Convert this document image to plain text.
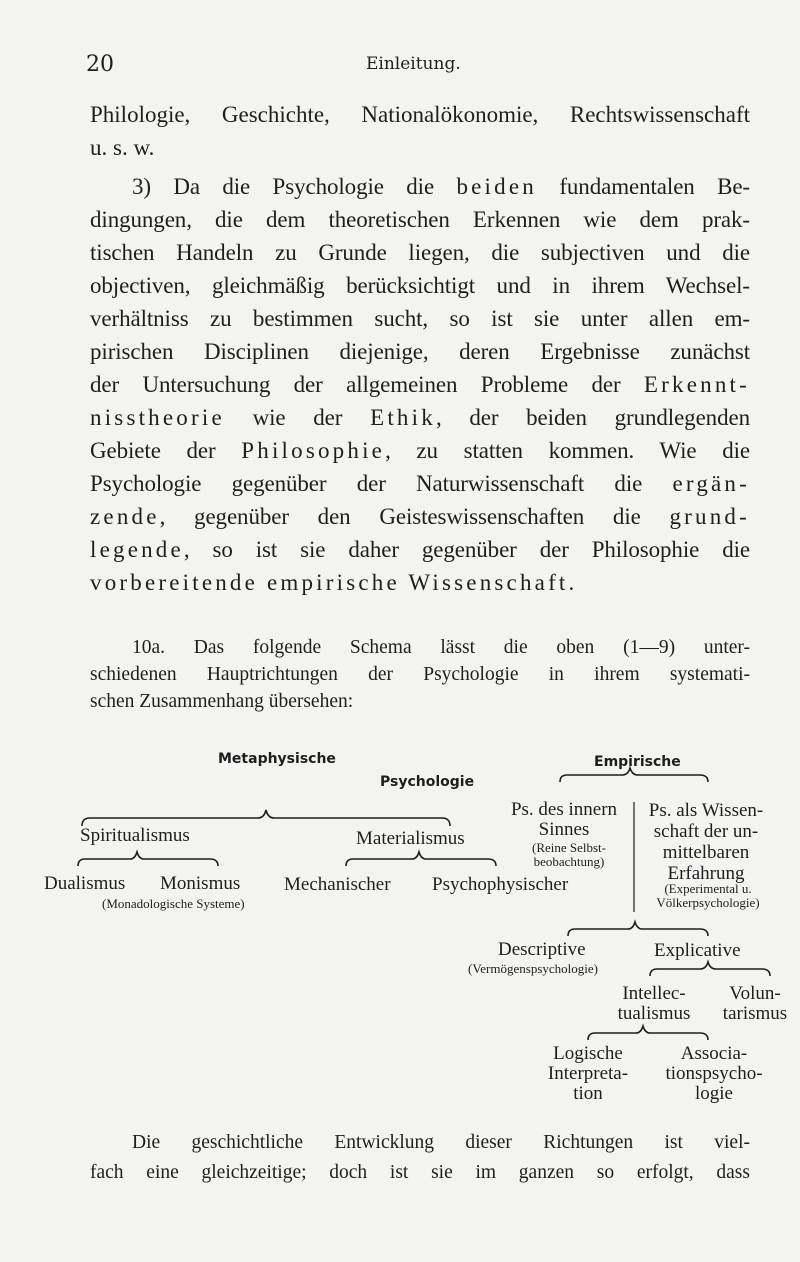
20	Einleitung.
Philologie, Geschichte, Nationalökonomie, Rechtswissenschaft
u. s. w.
3) Da die Psychologie die beiden fundamentalen Be-
dingungen, die dem theoretischen Erkennen wie dem prak-
tischen Handeln zu Grunde liegen, die subjectiven und die
objectiven, gleichmäßig berücksichtigt und in ihrem Wechsel-
verhältniss zu bestimmen sucht, so ist sie unter allen em-
pirischen Disciplinen diejenige, deren Ergebnisse zunächst
der Untersuchung der allgemeinen Probleme der Erkennt-
nisstheorie wie der Ethik, der beiden grundlegenden
Gebiete der Philosophie, zu statten kommen. Wie die
Psychologie gegenüber der Naturwissenschaft die ergän-
zende, gegenüber den Geisteswissenschaften die grund-
legende, so ist sie daher gegenüber der Philosophie die
vorbereitende empirische Wissenschaft.
10a. Das folgende Schema lässt die oben (1—9) unter-
schiedenen Hauptrichtungen der Psychologie in ihrem systemati-
schen Zusammenhang übersehen:
Metaphysische
Psychologie
Empirische
Spiritualismus	Materialismus
Ps. des innern
Sinnes
(Reine Selbst-
beobachtung)
Ps. als Wissen-
schaft der un-
mittelbaren
Erfahrung
(Experimental u.
Völkerpsychologie)
Dualismus Monismus
(Monadologische Systeme)
Mechanischer Psychophysischer
Descriptive
(Vermögenspsychologie)
Explicative
Intellec-
tualismus
Volun-
tarismus
Logische
Interpreta-
tion
Associa-
tionspsycho-
logie
Die geschichtliche Entwicklung dieser Richtungen ist viel-
fach eine gleichzeitige; doch ist sie im ganzen so erfolgt, dass
